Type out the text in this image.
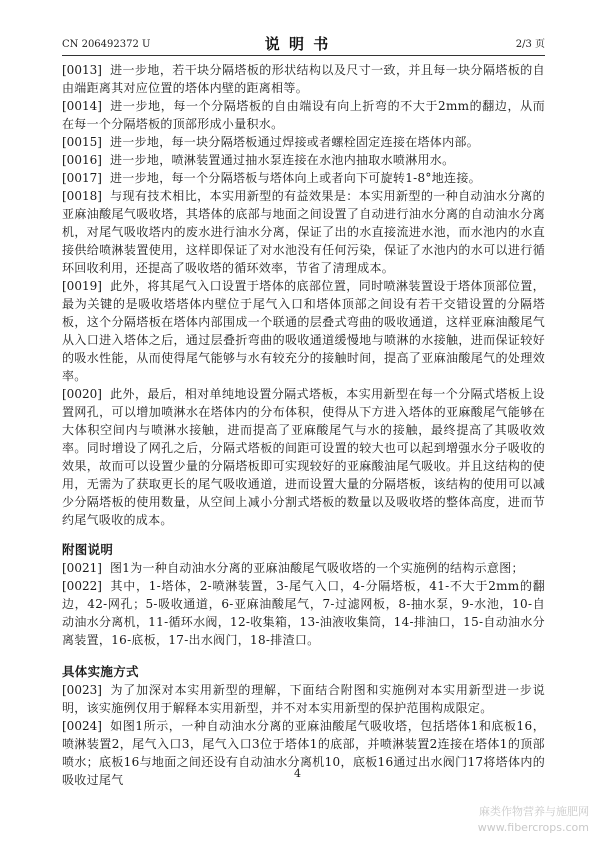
CN 206492372 U	说 明 书	2/3 页

[0013] 进一步地，若干块分隔塔板的形状结构以及尺寸一致，并且每一块分隔塔板的自由端距离其对应位置的塔体内壁的距离相等。

[0014] 进一步地，每一个分隔塔板的自由端设有向上折弯的不大于2mm的翻边，从而在每一个分隔塔板的顶部形成小量积水。

[0015] 进一步地，每一块分隔塔板通过焊接或者螺栓固定连接在塔体内部。

[0016] 进一步地，喷淋装置通过抽水泵连接在水池内抽取水喷淋用水。

[0017] 进一步地，每一个分隔塔板与塔体向上或者向下可旋转1-8°地连接。

[0018] 与现有技术相比，本实用新型的有益效果是：本实用新型的一种自动油水分离的亚麻油酸尾气吸收塔，其塔体的底部与地面之间设置了自动进行油水分离的自动油水分离机，对尾气吸收塔内的废水进行油水分离，保证了出的水直接流进水池，而水池内的水直接供给喷淋装置使用，这样即保证了对水池没有任何污染，保证了水池内的水可以进行循环回收利用，还提高了吸收塔的循环效率，节省了清理成本。

[0019] 此外，将其尾气入口设置于塔体的底部位置，同时喷淋装置设于塔体顶部位置，最为关键的是吸收塔塔体内壁位于尾气入口和塔体顶部之间设有若干交错设置的分隔塔板，这个分隔塔板在塔体内部围成一个联通的层叠式弯曲的吸收通道，这样亚麻油酸尾气从入口进入塔体之后，通过层叠折弯曲的吸收通道缓慢地与喷淋的水接触，进而保证较好的吸水性能，从而使得尾气能够与水有较充分的接触时间，提高了亚麻油酸尾气的处理效率。

[0020] 此外，最后，相对单纯地设置分隔式塔板，本实用新型在每一个分隔式塔板上设置网孔，可以增加喷淋水在塔体内的分布体积，使得从下方进入塔体的亚麻酸尾气能够在大体积空间内与喷淋水接触，进而提高了亚麻酸尾气与水的接触，最终提高了其吸收效率。同时增设了网孔之后，分隔式塔板的间距可设置的较大也可以起到增强水分子吸收的效果，故而可以设置少量的分隔塔板即可实现较好的亚麻酸油尾气吸收。并且这结构的使用，无需为了获取更长的尾气吸收通道，进而设置大量的分隔塔板，该结构的使用可以减少分隔塔板的使用数量，从空间上减小分割式塔板的数量以及吸收塔的整体高度，进而节约尾气吸收的成本。

附图说明

[0021] 图1为一种自动油水分离的亚麻油酸尾气吸收塔的一个实施例的结构示意图；

[0022] 其中，1-塔体，2-喷淋装置，3-尾气入口，4-分隔塔板，41-不大于2mm的翻边，42-网孔；5-吸收通道，6-亚麻油酸尾气，7-过滤网板，8-抽水泵，9-水池，10-自动油水分离机，11-循环水阀，12-收集箱，13-油液收集筒，14-排油口，15-自动油水分离装置，16-底板，17-出水阀门，18-排渣口。

具体实施方式

[0023] 为了加深对本实用新型的理解，下面结合附图和实施例对本实用新型进一步说明，该实施例仅用于解释本实用新型，并不对本实用新型的保护范围构成限定。

[0024] 如图1所示，一种自动油水分离的亚麻油酸尾气吸收塔，包括塔体1和底板16，喷淋装置2，尾气入口3，尾气入口3位于塔体1的底部，并喷淋装置2连接在塔体1的顶部喷水；底板16与地面之间还设有自动油水分离机10，底板16通过出水阀门17将塔体内的吸收过尾气	4
麻类作物营养与施肥网
www.fibercrops.com
